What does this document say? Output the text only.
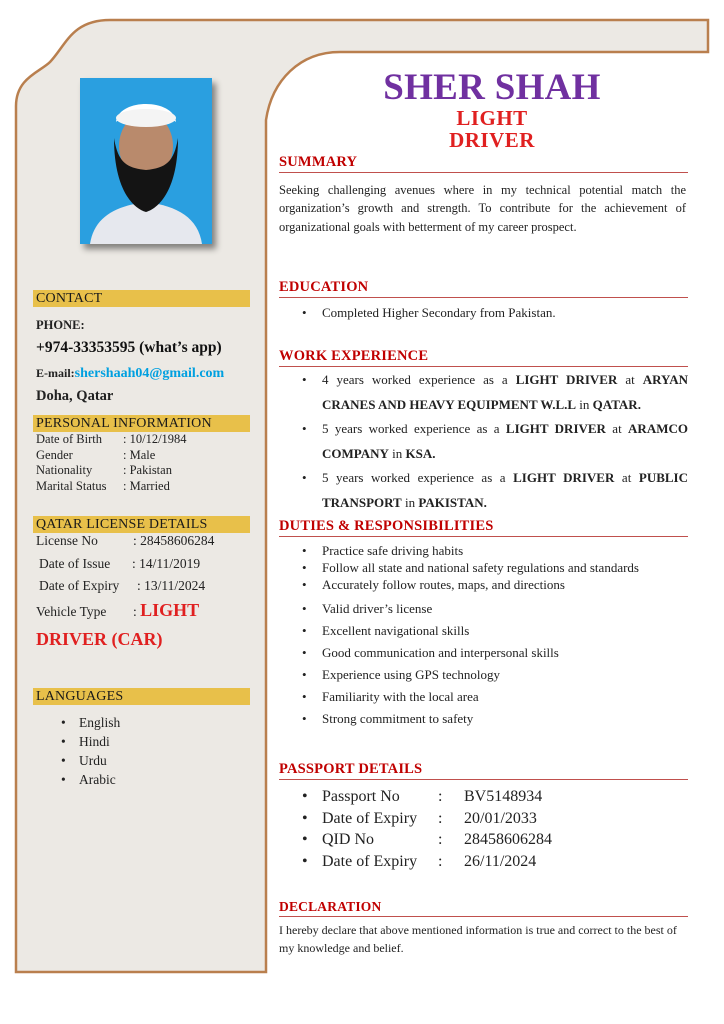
CONTACT
PHONE:
+974-33353595 (what’s app)
E-mail:shershaah04@gmail.com
Doha, Qatar
PERSONAL INFORMATION
Date of Birth : 10/12/1984
Gender	: Male
Nationality : Pakistan
Marital Status : Married
QATAR LICENSE DETAILS
License No	: 28458606284
Date of Issue : 14/11/2019
Date of Expiry : 13/11/2024
Vehicle Type : LIGHT
DRIVER (CAR)
LANGUAGES
• English
• Hindi
• Urdu
• Arabic
SHER SHAH
LIGHT
DRIVER
SUMMARY
Seeking challenging avenues where in my technical potential match the organization’s growth and strength. To contribute for the achievement of organizational goals with betterment of my career prospect.
EDUCATION
• Completed Higher Secondary from Pakistan.
WORK EXPERIENCE
• 4 years worked experience as a LIGHT DRIVER at ARYAN CRANES AND HEAVY EQUIPMENT W.L.L in QATAR.
• 5 years worked experience as a LIGHT DRIVER at ARAMCO COMPANY in KSA.
• 5 years worked experience as a LIGHT DRIVER at PUBLIC TRANSPORT in PAKISTAN.
DUTIES & RESPONSIBILITIES
• Practice safe driving habits
• Follow all state and national safety regulations and standards
• Accurately follow routes, maps, and directions
• Valid driver’s license
• Excellent navigational skills
• Good communication and interpersonal skills
• Experience using GPS technology
• Familiarity with the local area
• Strong commitment to safety
PASSPORT DETAILS
• Passport No : BV5148934
• Date of Expiry : 20/01/2033
• QID No	: 28458606284
• Date of Expiry : 26/11/2024
DECLARATION
I hereby declare that above mentioned information is true and correct to the best of my knowledge and belief.
